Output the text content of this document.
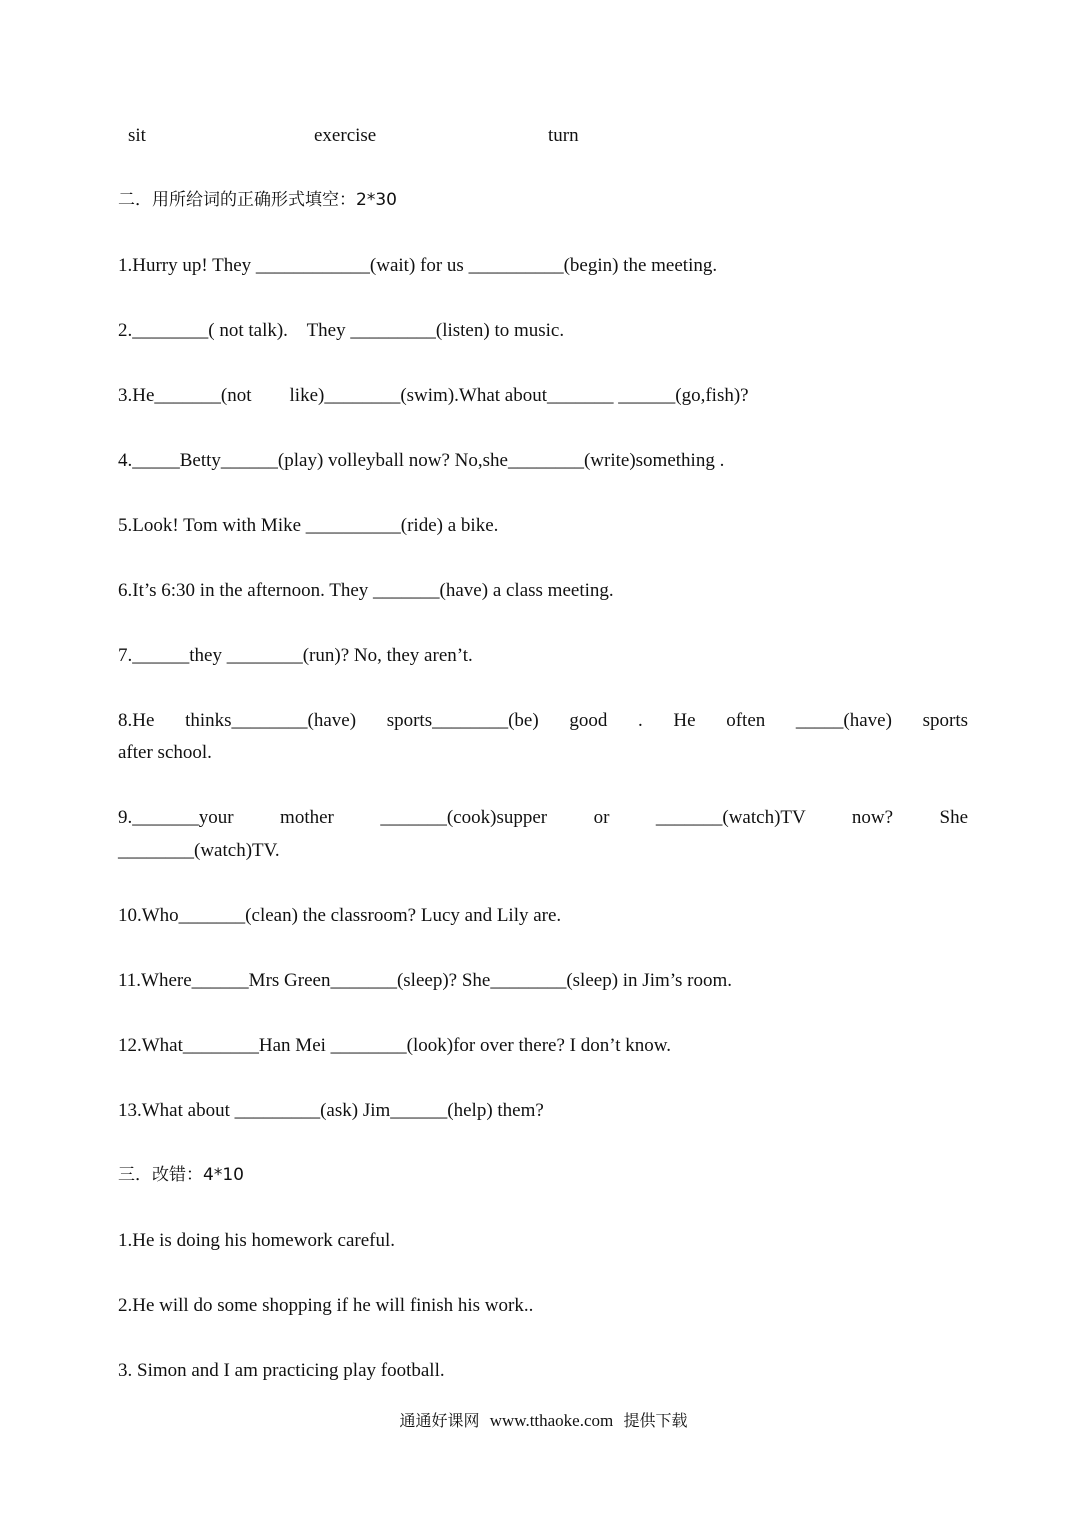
sit	exercise	turn
二．用所给词的正确形式填空：2*30
1.Hurry up! They ____________(wait) for us __________(begin) the meeting.
2.________( not talk).    They _________(listen) to music.
3.He_______(not        like)________(swim).What about_______ ______(go,fish)?
4._____Betty______(play) volleyball now? No,she________(write)something .
5.Look! Tom with Mike __________(ride) a bike.
6.It’s 6:30 in the afternoon. They _______(have) a class meeting.
7.______they ________(run)? No, they aren’t.
8.He thinks________(have) sports________(be) good . He often _____(have) sports
after school.
9._______your mother _______(cook)supper or _______(watch)TV now? She
________(watch)TV.
10.Who_______(clean) the classroom? Lucy and Lily are.
11.Where______Mrs Green_______(sleep)? She________(sleep) in Jim’s room.
12.What________Han Mei ________(look)for over there? I don’t know.
13.What about _________(ask) Jim______(help) them?
三．改错：4*10
1.He is doing his homework careful.
2.He will do some shopping if he will finish his work..
3. Simon and I am practicing play football.
通通好课网 www.tthaoke.com 提供下载
